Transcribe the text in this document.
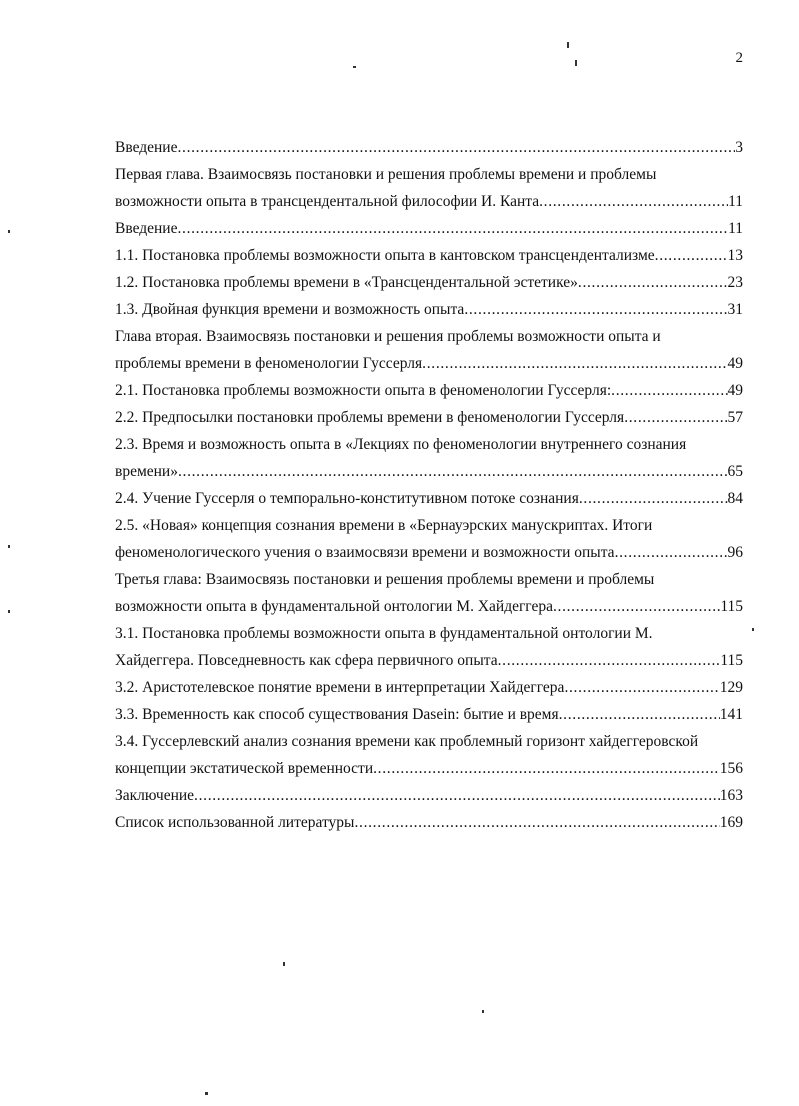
2
Введение . . .	3
Первая глава. Взаимосвязь постановки и решения проблемы времени и проблемы
возможности опыта в трансцендентальной философии И. Канта . . .	11
Введение . . .	11
1.1. Постановка проблемы возможности опыта в кантовском трансцендентализме . . .	13
1.2. Постановка проблемы времени в «Трансцендентальной эстетике» . . .	23
1.3. Двойная функция времени и возможность опыта . . .	31
Глава вторая. Взаимосвязь постановки и решения проблемы возможности опыта и
проблемы времени в феноменологии Гуссерля . . .	49
2.1. Постановка проблемы возможности опыта в феноменологии Гуссерля: . . .	49
2.2. Предпосылки постановки проблемы времени в феноменологии Гуссерля . . .	57
2.3. Время и возможность опыта в «Лекциях по феноменологии внутреннего сознания
времени» . . .	65
2.4. Учение Гуссерля о темпорально-конститутивном потоке сознания . . .	84
2.5. «Новая» концепция сознания времени в «Бернауэрских манускриптах. Итоги
феноменологического учения о взаимосвязи времени и возможности опыта . . .	96
Третья глава: Взаимосвязь постановки и решения проблемы времени и проблемы
возможности опыта в фундаментальной онтологии М. Хайдеггера . . .	115
3.1. Постановка проблемы возможности опыта в фундаментальной онтологии М.
Хайдеггера. Повседневность как сфера первичного опыта . . .	115
3.2. Аристотелевское понятие времени в интерпретации Хайдеггера . . .	129
3.3. Временность как способ существования Dasein: бытие и время . . .	141
3.4. Гуссерлевский анализ сознания времени как проблемный горизонт хайдеггеровской
концепции экстатической временности . . .	156
Заключение . . .	163
Список использованной литературы . . .	169
